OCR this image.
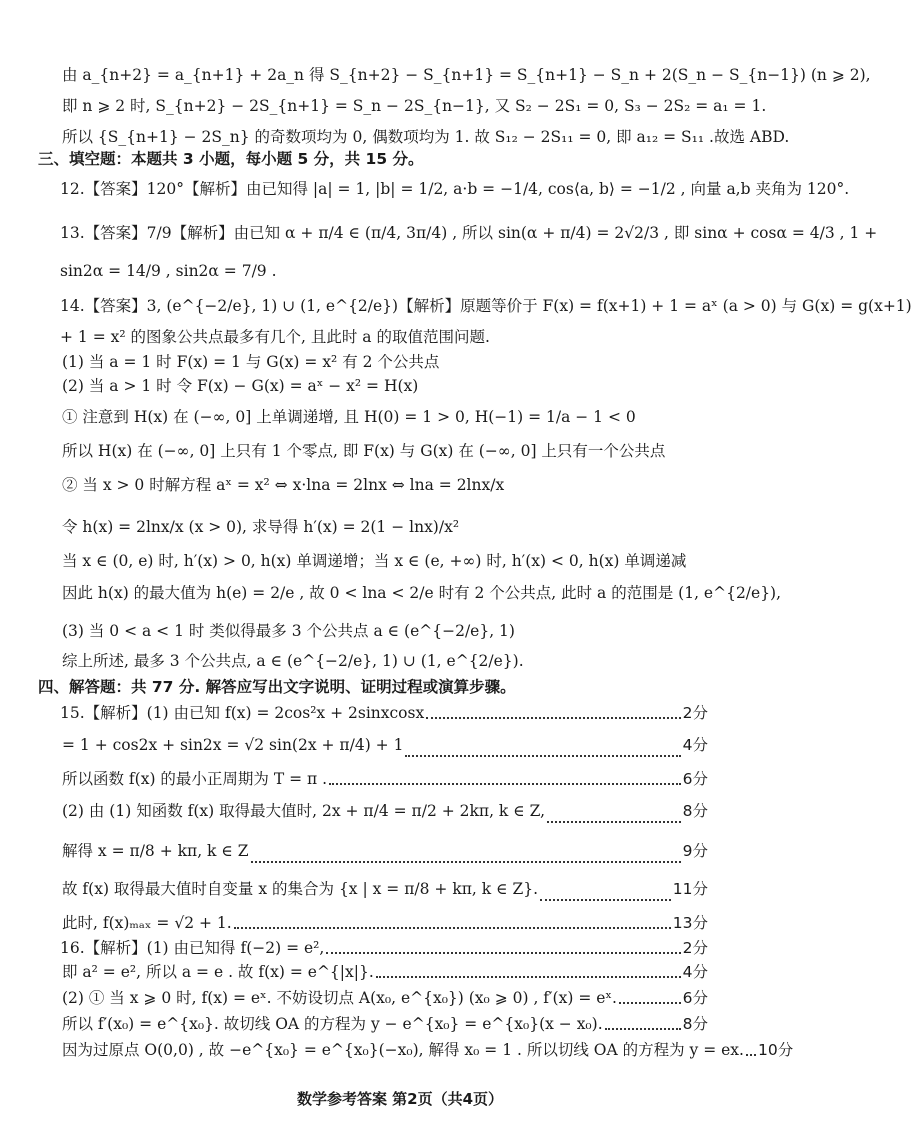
由 a_{n+2} = a_{n+1} + 2a_n 得 S_{n+2} − S_{n+1} = S_{n+1} − S_n + 2(S_n − S_{n−1}) (n ⩾ 2),
即 n ⩾ 2 时, S_{n+2} − 2S_{n+1} = S_n − 2S_{n−1}, 又 S₂ − 2S₁ = 0, S₃ − 2S₂ = a₁ = 1.
所以 {S_{n+1} − 2S_n} 的奇数项均为 0, 偶数项均为 1. 故 S₁₂ − 2S₁₁ = 0, 即 a₁₂ = S₁₁ .故选 ABD.
三、填空题：本题共 3 小题，每小题 5 分，共 15 分。
12.【答案】120°【解析】由已知得 |a| = 1, |b| = 1/2, a·b = −1/4, cos⟨a, b⟩ = −1/2 , 向量 a,b 夹角为 120°.
13.【答案】7/9【解析】由已知 α + π/4 ∈ (π/4, 3π/4) , 所以 sin(α + π/4) = 2√2/3 , 即 sinα + cosα = 4/3 , 1 +
sin2α = 14/9 , sin2α = 7/9 .
14.【答案】3, (e^{−2/e}, 1) ∪ (1, e^{2/e})【解析】原题等价于 F(x) = f(x+1) + 1 = aˣ (a > 0) 与 G(x) = g(x+1)
+ 1 = x² 的图象公共点最多有几个, 且此时 a 的取值范围问题.
(1) 当 a = 1 时 F(x) = 1 与 G(x) = x² 有 2 个公共点
(2) 当 a > 1 时 令 F(x) − G(x) = aˣ − x² = H(x)
① 注意到 H(x) 在 (−∞, 0] 上单调递增, 且 H(0) = 1 > 0, H(−1) = 1/a − 1 < 0
所以 H(x) 在 (−∞, 0] 上只有 1 个零点, 即 F(x) 与 G(x) 在 (−∞, 0] 上只有一个公共点
② 当 x > 0 时解方程 aˣ = x² ⇔ x·lna = 2lnx ⇔ lna = 2lnx/x
令 h(x) = 2lnx/x (x > 0), 求导得 h′(x) = 2(1 − lnx)/x²
当 x ∈ (0, e) 时, h′(x) > 0, h(x) 单调递增；当 x ∈ (e, +∞) 时, h′(x) < 0, h(x) 单调递减
因此 h(x) 的最大值为 h(e) = 2/e , 故 0 < lna < 2/e 时有 2 个公共点, 此时 a 的范围是 (1, e^{2/e}),
(3) 当 0 < a < 1 时 类似得最多 3 个公共点 a ∈ (e^{−2/e}, 1)
综上所述, 最多 3 个公共点, a ∈ (e^{−2/e}, 1) ∪ (1, e^{2/e}).
四、解答题：共 77 分. 解答应写出文字说明、证明过程或演算步骤。
15.【解析】(1) 由已知 f(x) = 2cos²x + 2sinxcosx	2分
= 1 + cos2x + sin2x = √2 sin(2x + π/4) + 1	4分
所以函数 f(x) 的最小正周期为 T = π .	6分
(2) 由 (1) 知函数 f(x) 取得最大值时, 2x + π/4 = π/2 + 2kπ, k ∈ Z,	8分
解得 x = π/8 + kπ, k ∈ Z	9分
故 f(x) 取得最大值时自变量 x 的集合为 {x | x = π/8 + kπ, k ∈ Z}.	11分
此时, f(x)ₘₐₓ = √2 + 1.	13分
16.【解析】(1) 由已知得 f(−2) = e²,	2分
即 a² = e², 所以 a = e . 故 f(x) = e^{|x|}.	4分
(2) ① 当 x ⩾ 0 时, f(x) = eˣ. 不妨设切点 A(x₀, e^{x₀}) (x₀ ⩾ 0) , f′(x) = eˣ.	6分
所以 f′(x₀) = e^{x₀}. 故切线 OA 的方程为 y − e^{x₀} = e^{x₀}(x − x₀).	8分
因为过原点 O(0,0) , 故 −e^{x₀} = e^{x₀}(−x₀), 解得 x₀ = 1 . 所以切线 OA 的方程为 y = ex. 10分
数学参考答案 第2页（共4页）
